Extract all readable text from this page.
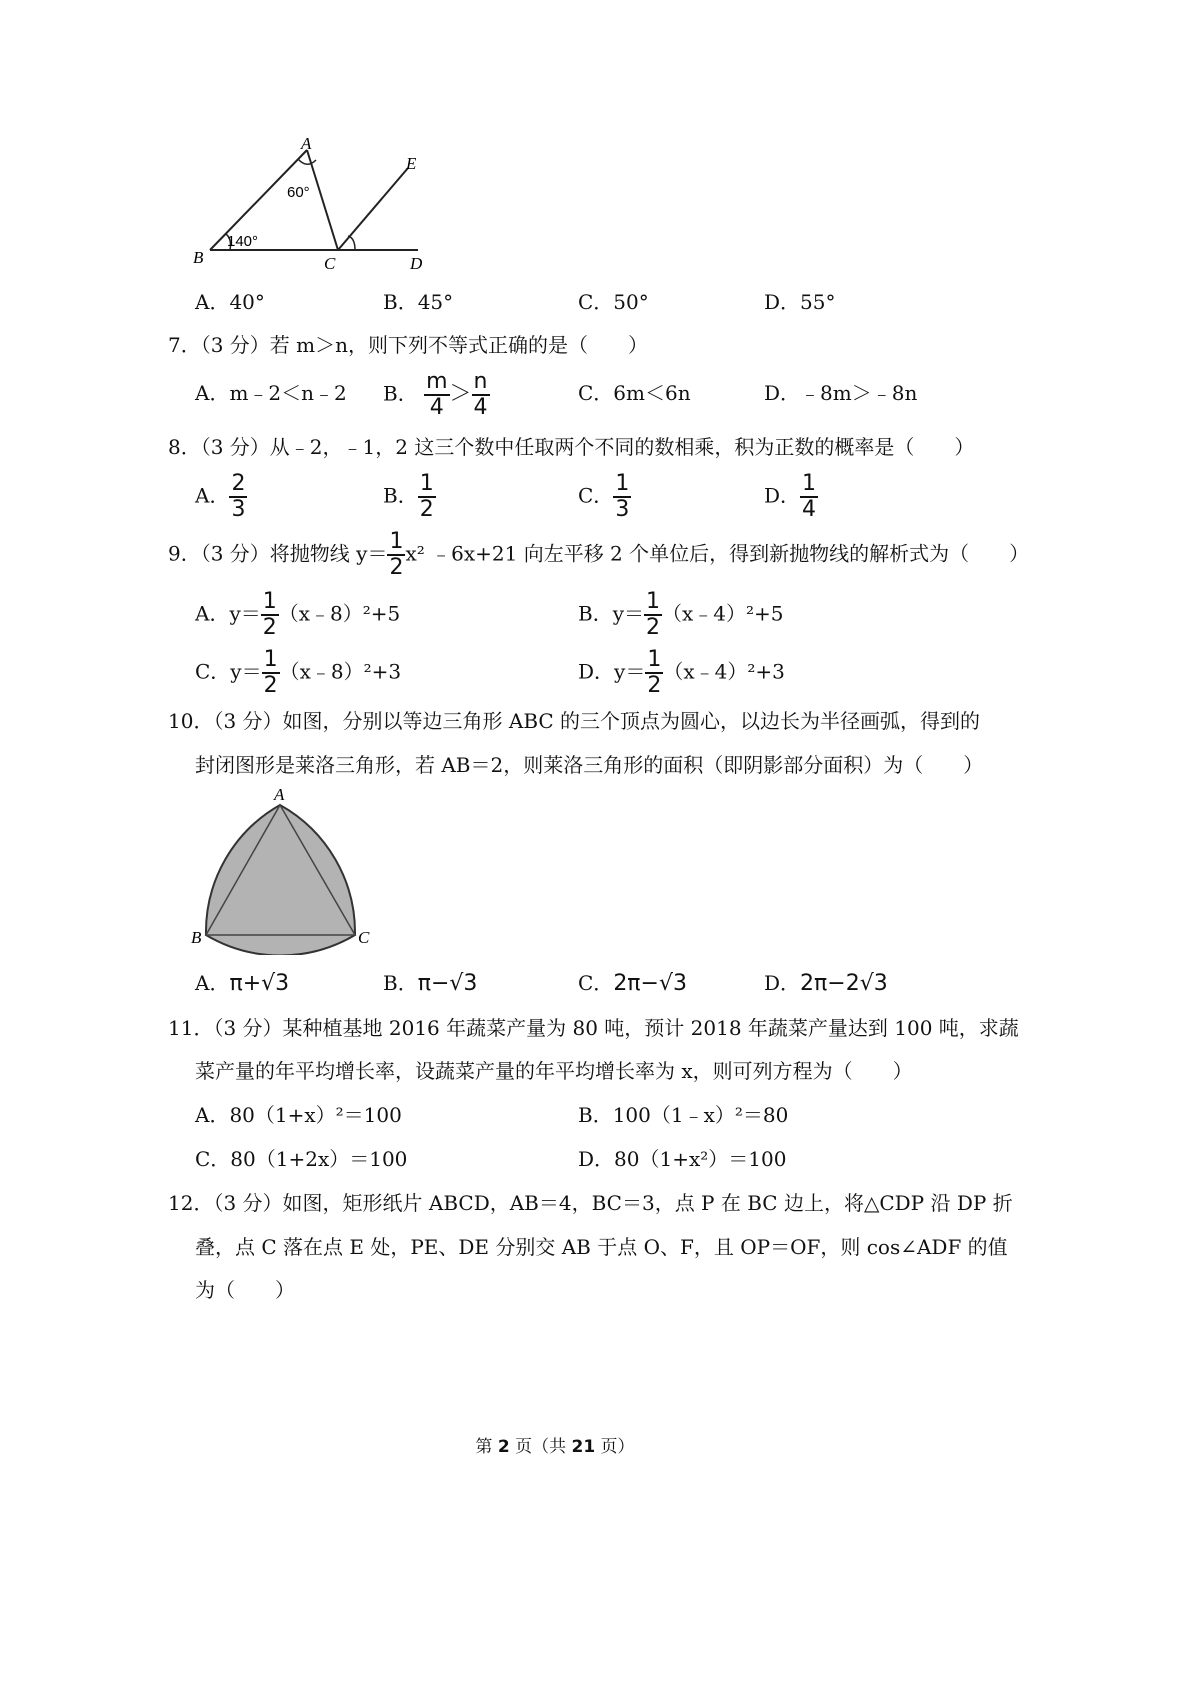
A
B	C	D
E
60°
140°
A．40°	B．45°	C．50°	D．55°
7．（3 分）若 m＞n，则下列不等式正确的是（　　）
A．m﹣2＜n﹣2 B． $\frac{m}{4} > \frac{n}{4}$	C．6m＜6n	D．﹣8m＞﹣8n
8．（3 分）从﹣2，﹣1，2 这三个数中任取两个不同的数相乘，积为正数的概率是（　　）
A． $\frac{2}{3}$	B． $\frac{1}{2}$	C． $\frac{1}{3}$	D． $\frac{1}{4}$
9．（3 分）将抛物线 $y= \frac{1}{2} x^2$ ﹣6x+21 向左平移 2 个单位后，得到新抛物线的解析式为（　　）
A．$y= \frac{1}{2}$ （x﹣8）²+5	B．$y= \frac{1}{2}$ （x﹣4）²+5
C．$y= \frac{1}{2}$ （x﹣8）²+3	D．$y= \frac{1}{2}$ （x﹣4）²+3
10．（3 分）如图，分别以等边三角形 ABC 的三个顶点为圆心，以边长为半径画弧，得到的
封闭图形是莱洛三角形，若 AB＝2，则莱洛三角形的面积（即阴影部分面积）为（　　）
A
B	C
A．π+√3	B．π−√3	C．2π−√3	D．2π−2√3
11．（3 分）某种植基地 2016 年蔬菜产量为 80 吨，预计 2018 年蔬菜产量达到 100 吨，求蔬
菜产量的年平均增长率，设蔬菜产量的年平均增长率为 x，则可列方程为（　　）
A．80（1+x）²＝100	B．100（1﹣x）²＝80
C．80（1+2x）＝100	D．80（1+x²）＝100
12．（3 分）如图，矩形纸片 ABCD，AB＝4，BC＝3，点 P 在 BC 边上，将△CDP 沿 DP 折
叠，点 C 落在点 E 处，PE、DE 分别交 AB 于点 O、F，且 OP＝OF，则 cos∠ADF 的值
为（　　）
第 2 页（共 21 页）
